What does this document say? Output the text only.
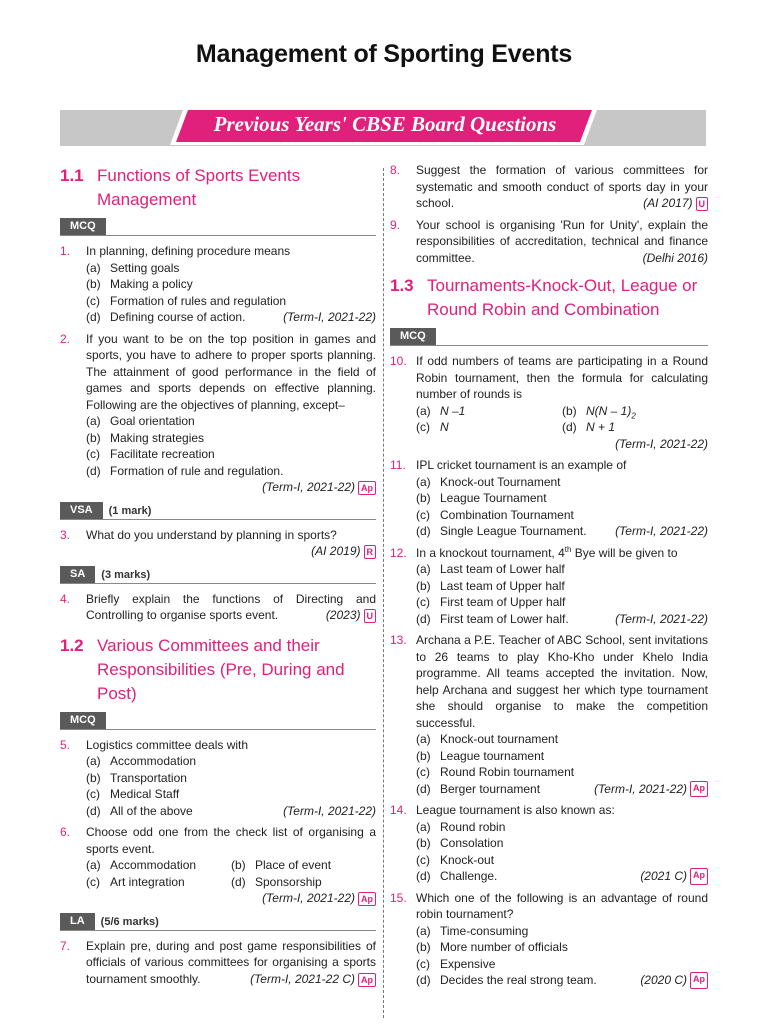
Management of Sporting Events
Previous Years' CBSE Board Questions
1.1 Functions of Sports Events Management
MCQ
1.	In planning, defining procedure means
(a) Setting goals
(b) Making a policy
(c) Formation of rules and regulation
(d) Defining course of action.	(Term-I, 2021-22)
2.	If you want to be on the top position in games and sports, you have to adhere to proper sports planning. The attainment of good performance in the field of games and sports depends on effective planning. Following are the objectives of planning, except–
(a) Goal orientation
(b) Making strategies
(c) Facilitate recreation
(d) Formation of rule and regulation.
(Term-I, 2021-22) Ap
VSA	(1 mark)
3.	What do you understand by planning in sports?
(AI 2019) R
SA	(3 marks)
4.	Briefly explain the functions of Directing and Controlling to organise sports event.	(2023) U
1.2 Various Committees and their Responsibilities (Pre, During and Post)
MCQ
5.	Logistics committee deals with
(a) Accommodation
(b) Transportation
(c) Medical Staff
(d) All of the above	(Term-I, 2021-22)
6.	Choose odd one from the check list of organising a sports event.
(a) Accommodation	(b) Place of event
(c) Art integration	(d) Sponsorship
(Term-I, 2021-22) Ap
LA	(5/6 marks)
7.	Explain pre, during and post game responsibilities of officials of various committees for organising a sports tournament smoothly.	(Term-I, 2021-22 C) Ap
8.	Suggest the formation of various committees for systematic and smooth conduct of sports day in your school.	(AI 2017) U
9.	Your school is organising 'Run for Unity', explain the responsibilities of accreditation, technical and finance committee.	(Delhi 2016)
1.3 Tournaments-Knock-Out, League or Round Robin and Combination
MCQ
10. If odd numbers of teams are participating in a Round Robin tournament, then the formula for calculating number of rounds is
(a) N –1	(b) $N(N - 1)_2$
(c) N	(d) N + 1
(Term-I, 2021-22)
11. IPL cricket tournament is an example of
(a) Knock-out Tournament
(b) League Tournament
(c) Combination Tournament
(d) Single League Tournament.	(Term-I, 2021-22)
12. In a knockout tournament, 4th Bye will be given to
(a) Last team of Lower half
(b) Last team of Upper half
(c) First team of Upper half
(d) First team of Lower half.	(Term-I, 2021-22)
13. Archana a P.E. Teacher of ABC School, sent invitations to 26 teams to play Kho-Kho under Khelo India programme. All teams accepted the invitation. Now, help Archana and suggest her which type tournament she should organise to make the competition successful.
(a) Knock-out tournament
(b) League tournament
(c) Round Robin tournament
(d) Berger tournament	(Term-I, 2021-22) Ap
14. League tournament is also known as:
(a) Round robin
(b) Consolation
(c) Knock-out
(d) Challenge.	(2021 C) Ap
15. Which one of the following is an advantage of round robin tournament?
(a) Time-consuming
(b) More number of officials
(c) Expensive
(d) Decides the real strong team.	(2020 C) Ap
